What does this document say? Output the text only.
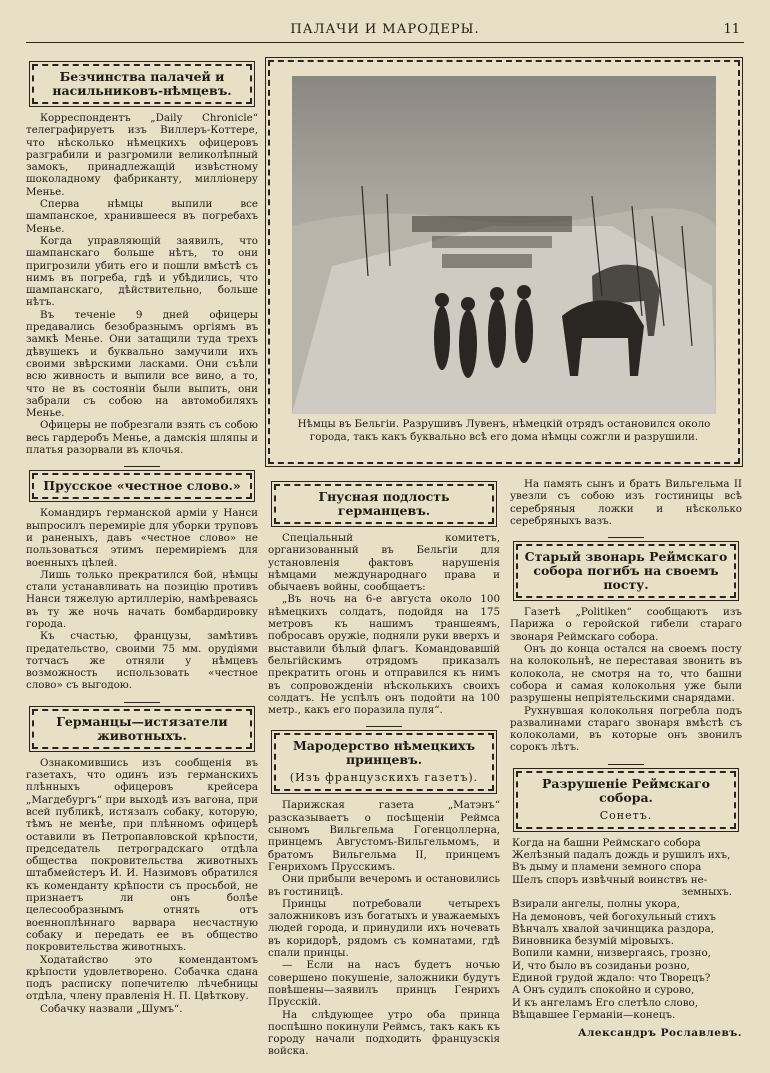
ПАЛАЧИ И МАРОДЕРЫ.	11
Безчинства палачей и насильниковъ-нѣмцевъ.

Корреспондентъ „Daily Chronicle“ телеграфируетъ изъ Виллеръ-Коттере, что нѣсколько нѣмецкихъ офицеровъ разграбили и разгромили великолѣпный замокъ, принадлежащiй извѣстному шоколадному фабриканту, миллiонеру Менье.

Сперва нѣмцы выпили все шампанское, хранившееся въ погребахъ Менье.

Когда управляющiй заявилъ, что шампанскаго больше нѣтъ, то они пригрозили убить его и пошли вмѣстѣ съ нимъ въ погреба, гдѣ и убѣдились, что шампанскаго, дѣйствительно, больше нѣтъ.

Въ теченiе 9 дней офицеры предавались безобразнымъ оргiямъ въ замкѣ Менье. Они затащили туда трехъ дѣвушекъ и буквально замучили ихъ своими звѣрскими ласками. Они съѣли всю живность и выпили все вино, а то, что не въ состоянiи были выпить, они забрали съ собою на автомобиляхъ Менье.

Офицеры не побрезгали взять съ собою весь гардеробъ Менье, а дамскiя шляпы и платья разорвали въ клочья.

Прусское «честное слово.»

Командиръ германской армiи у Нанси выпросилъ перемирiе для уборки труповъ и раненыхъ, давъ «честное слово» не пользоваться этимъ перемирiемъ для военныхъ цѣлей.

Лишь только прекратился бой, нѣмцы стали устанавливать на позицiю противъ Нанси тяжелую артиллерiю, намѣреваясь въ ту же ночь начать бомбардировку города.

Къ счастью, французы, замѣтивъ предательство, своими 75 мм. орудiями тотчасъ же отняли у нѣмцевъ возможность использовать «честное слово» съ выгодою.

Германцы—истязатели животныхъ.

Ознакомившись изъ сообщенiя въ газетахъ, что одинъ изъ германскихъ плѣнныхъ офицеровъ крейсера „Магдебургъ“ при выходѣ изъ вагона, при всей публикѣ, истязалъ собаку, которую, тѣмъ не менѣе, при плѣнномъ офицерѣ оставили въ Петропавловской крѣпости, председатель петроградскаго отдѣла общества покровительства животныхъ штабмейстеръ И. И. Назимовъ обратился къ коменданту крѣпости съ просьбой, не признаетъ ли онъ болѣе целесообразнымъ отнять отъ военноплѣннаго варвара несчастную собаку и передать ее въ общество покровительства животныхъ.

Ходатайство это комендантомъ крѣпости удовлетворено. Собачка сдана подъ расписку попечителю лѣчебницы отдѣла, члену правленiя Н. П. Цвѣткову.

Собачку назвали „Шумъ“.

Нѣмцы въ Бельгiи. Разрушивъ Лувенъ, нѣмецкiй отрядъ остановился около города, такъ какъ буквально всѣ его дома нѣмцы сожгли и разрушили.
Гнусная подлость германцевъ.

Спецiальный комитетъ, организованный въ Бельгiи для установленiя фактовъ нарушенiя нѣмцами международнаго права и обычаевъ войны, сообщаетъ:

„Въ ночь на 6-е августа около 100 нѣмецкихъ солдатъ, подойдя на 175 метровъ къ нашимъ траншеямъ, побросавъ оружiе, подняли руки вверхъ и выставили бѣлый флагъ. Командовавшiй бельгiйскимъ отрядомъ приказалъ прекратить огонь и отправился къ нимъ въ сопровожденiи нѣсколькихъ своихъ солдатъ. Не успѣлъ онъ подойти на 100 метр., какъ его поразила пуля“.

Мародерство нѣмецкихъ принцевъ.
(Изъ французскихъ газетъ).

Парижская газета „Матэнъ“ разсказываетъ о посѣщенiи Реймса сыномъ Вильгельма Гогенцоллерна, принцемъ Августомъ-Вильгельмомъ, и братомъ Вильгельма II, принцемъ Генрихомъ Прусскимъ.

Они прибыли вечеромъ и остановились въ гостиницѣ.

Принцы потребовали четырехъ заложниковъ изъ богатыхъ и уважаемыхъ людей города, и принудили ихъ ночевать въ коридорѣ, рядомъ съ комнатами, гдѣ спали принцы.

— Если на насъ будетъ ночью совершено покушенiе, заложники будутъ повѣшены—заявилъ принцъ Генрихъ Прусскiй.

На слѣдующее утро оба принца поспѣшно покинули Реймсъ, такъ какъ къ городу начали подходить французскiя войска.

На память сынъ и братъ Вильгельма II увезли съ собою изъ гостиницы всѣ серебряныя ложки и нѣсколько серебряныхъ вазъ.

Старый звонарь Реймскаго собора погибъ на своемъ посту.

Газетѣ „Politiken“ сообщаютъ изъ Парижа о геройской гибели стараго звонаря Реймскаго собора.

Онъ до конца остался на своемъ посту на колокольнѣ, не переставая звонить въ колокола, не смотря на то, что башни собора и самая колокольня уже были разрушены непрiятельскими снарядами.

Рухнувшая колокольня погребла подъ развалинами стараго звонаря вмѣстѣ съ колоколами, въ которые онъ звонилъ сорокъ лѣтъ.

Разрушенiе Реймскаго собора.
Сонетъ.
Когда на башни Реймскаго собора
Желѣзный падалъ дождь и рушилъ ихъ,
Въ дыму и пламени земного спора
Шелъ споръ извѣчный воинствъ не-
земныхъ.
Взирали ангелы, полны укора,
На демоновъ, чей богохульный стихъ
Вѣнчалъ хвалой зачинщика раздора,
Виновника безумiй мiровыхъ.
Вопили камни, низвергаясь, грозно,
И, что было въ созиданьи розно,
Единой грудой ждало: что Творецъ?
А Онъ судилъ спокойно и сурово,
И къ ангеламъ Его слетѣло слово,
Вѣщавшее Германiи—конецъ.
Александръ Рославлевъ.
